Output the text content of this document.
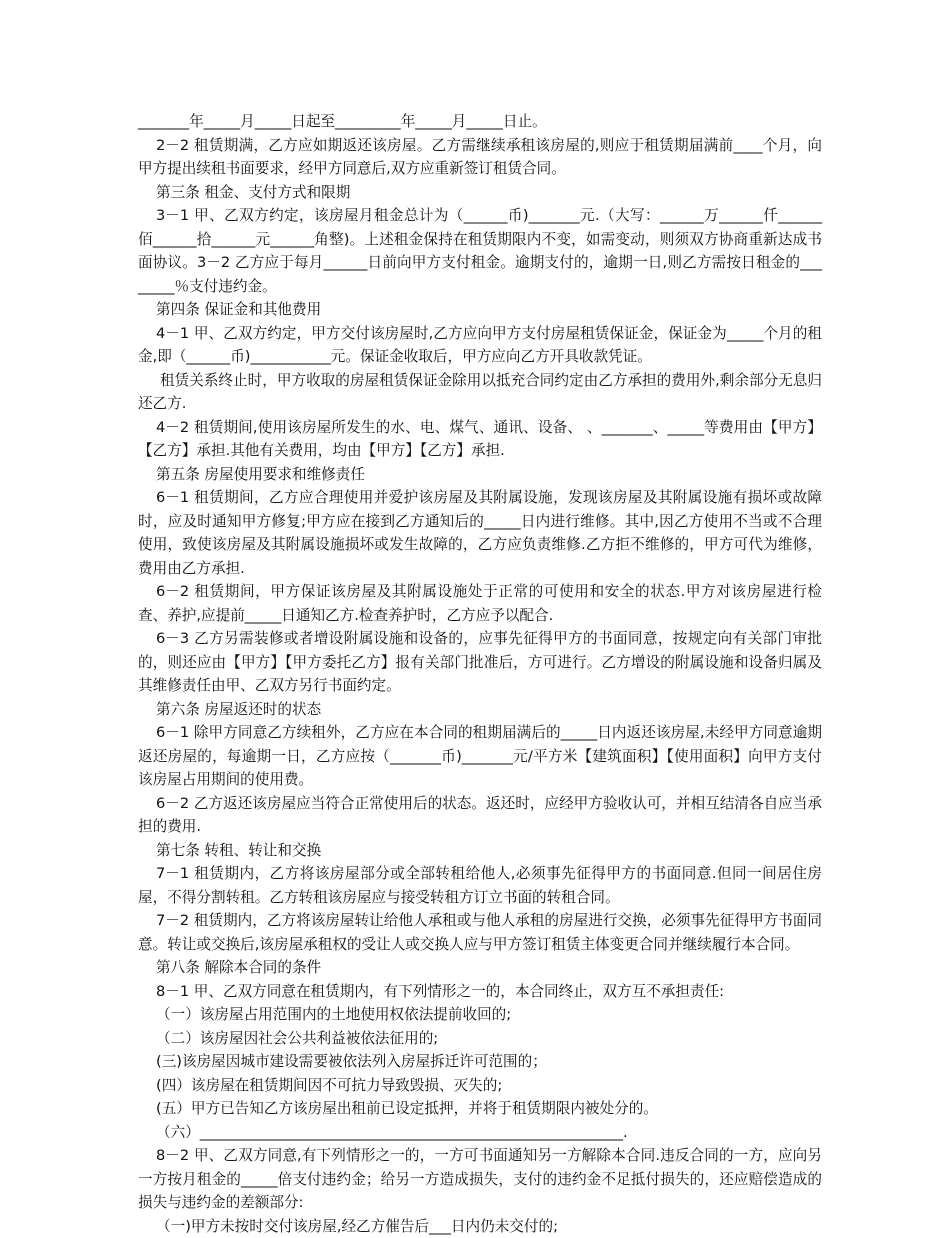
_______年_____月_____日起至_________年_____月_____日止。

2－2 租赁期满，乙方应如期返还该房屋。乙方需继续承租该房屋的,则应于租赁期届满前____个月，向甲方提出续租书面要求，经甲方同意后,双方应重新签订租赁合同。

第三条 租金、支付方式和限期

3－1 甲、乙双方约定，该房屋月租金总计为（______币)_______元.（大写：______万______仟______佰______拾______元______角整)。上述租金保持在租赁期限内不变，如需变动，则须双方协商重新达成书面协议。3－2 乙方应于每月______日前向甲方支付租金。逾期支付的，逾期一日,则乙方需按日租金的________％支付违约金。

第四条 保证金和其他费用

4－1 甲、乙双方约定，甲方交付该房屋时,乙方应向甲方支付房屋租赁保证金，保证金为_____个月的租金,即（______币)___________元。保证金收取后，甲方应向乙方开具收款凭证。

租赁关系终止时，甲方收取的房屋租赁保证金除用以抵充合同约定由乙方承担的费用外,剩余部分无息归还乙方.

4－2 租赁期间,使用该房屋所发生的水、电、煤气、通讯、设备、 、_______、_____等费用由【甲方】【乙方】承担.其他有关费用，均由【甲方】【乙方】承担.

第五条 房屋使用要求和维修责任

6－1 租赁期间，乙方应合理使用并爱护该房屋及其附属设施，发现该房屋及其附属设施有损坏或故障时，应及时通知甲方修复;甲方应在接到乙方通知后的_____日内进行维修。其中,因乙方使用不当或不合理使用，致使该房屋及其附属设施损坏或发生故障的，乙方应负责维修.乙方拒不维修的，甲方可代为维修，费用由乙方承担.

6－2 租赁期间，甲方保证该房屋及其附属设施处于正常的可使用和安全的状态.甲方对该房屋进行检查、养护,应提前_____日通知乙方.检查养护时，乙方应予以配合.

6－3 乙方另需装修或者增设附属设施和设备的，应事先征得甲方的书面同意，按规定向有关部门审批的，则还应由【甲方】【甲方委托乙方】报有关部门批准后，方可进行。乙方增设的附属设施和设备归属及其维修责任由甲、乙双方另行书面约定。

第六条 房屋返还时的状态

6－1 除甲方同意乙方续租外，乙方应在本合同的租期届满后的_____日内返还该房屋,未经甲方同意逾期返还房屋的，每逾期一日，乙方应按（_______币)_______元/平方米【建筑面积】【使用面积】向甲方支付该房屋占用期间的使用费。

6－2 乙方返还该房屋应当符合正常使用后的状态。返还时，应经甲方验收认可，并相互结清各自应当承担的费用.

第七条 转租、转让和交换

7－1 租赁期内，乙方将该房屋部分或全部转租给他人,必须事先征得甲方的书面同意.但同一间居住房屋，不得分割转租。乙方转租该房屋应与接受转租方订立书面的转租合同。

7－2 租赁期内，乙方将该房屋转让给他人承租或与他人承租的房屋进行交换，必须事先征得甲方书面同意。转让或交换后,该房屋承租权的受让人或交换人应与甲方签订租赁主体变更合同并继续履行本合同。

第八条 解除本合同的条件

8－1 甲、乙双方同意在租赁期内，有下列情形之一的，本合同终止，双方互不承担责任:

（一）该房屋占用范围内的土地使用权依法提前收回的;

（二）该房屋因社会公共利益被依法征用的;

(三)该房屋因城市建设需要被依法列入房屋拆迁许可范围的；

(四）该房屋在租赁期间因不可抗力导致毁损、灭失的;

(五）甲方已告知乙方该房屋出租前已设定抵押，并将于租赁期限内被处分的。

（六）__________________________________________________________.

8－2 甲、乙双方同意,有下列情形之一的，一方可书面通知另一方解除本合同.违反合同的一方，应向另一方按月租金的_____倍支付违约金；给另一方造成损失，支付的违约金不足抵付损失的，还应赔偿造成的损失与违约金的差额部分:

（一)甲方未按时交付该房屋,经乙方催告后___日内仍未交付的;
